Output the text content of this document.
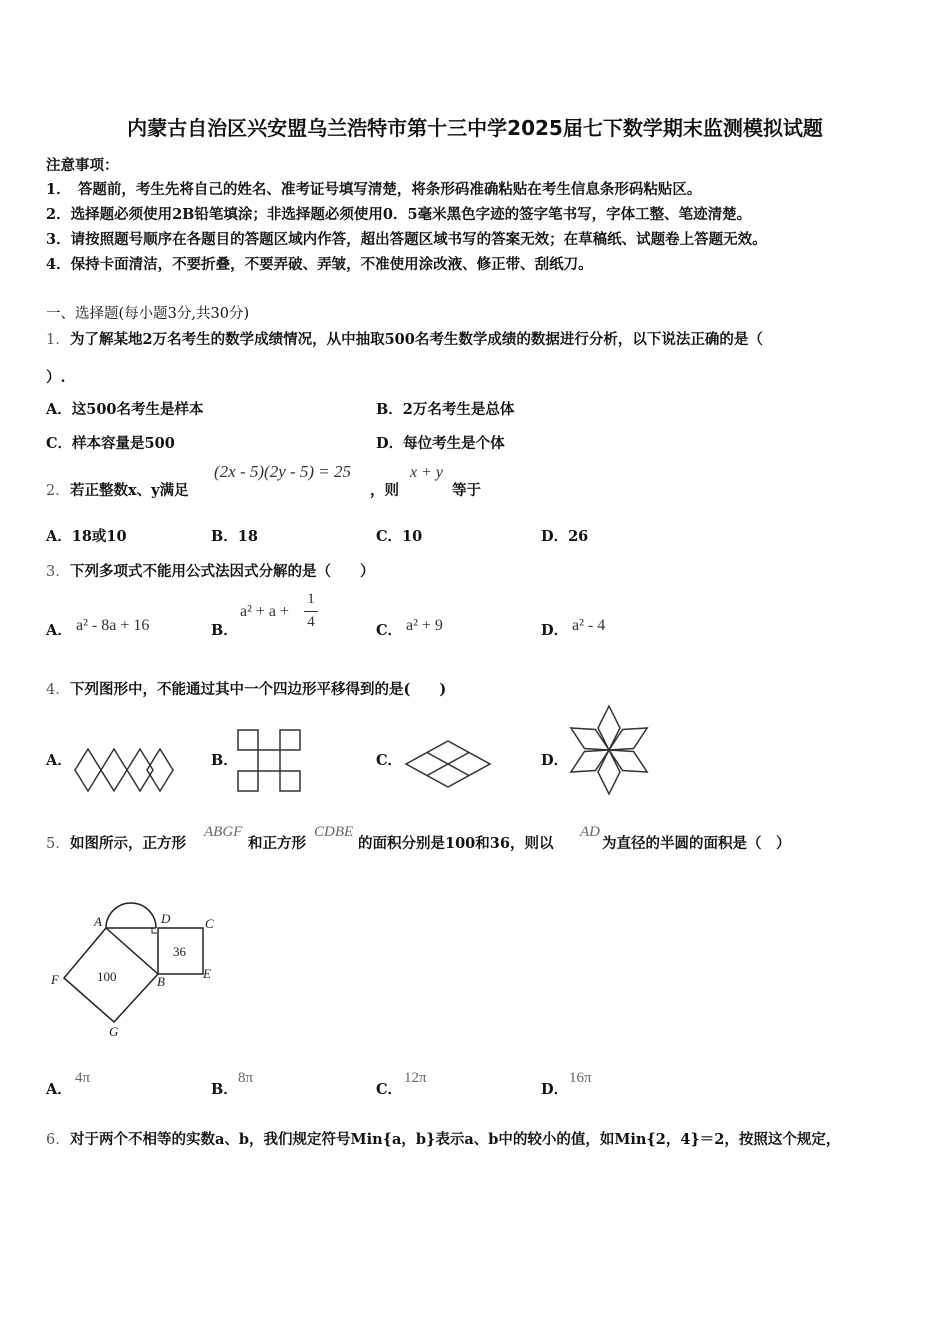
内蒙古自治区兴安盟乌兰浩特市第十三中学2025届七下数学期末监测模拟试题
注意事项：
1．　答题前，考生先将自己的姓名、准考证号填写清楚，将条形码准确粘贴在考生信息条形码粘贴区。
2．选择题必须使用2B铅笔填涂；非选择题必须使用0．5毫米黑色字迹的签字笔书写，字体工整、笔迹清楚。
3．请按照题号顺序在各题目的答题区域内作答，超出答题区域书写的答案无效；在草稿纸、试题卷上答题无效。
4．保持卡面清洁，不要折叠，不要弄破、弄皱，不准使用涂改液、修正带、刮纸刀。
一、选择题(每小题3分,共30分)
1． 为了解某地2万名考生的数学成绩情况，从中抽取500名考生数学成绩的数据进行分析，以下说法正确的是（
）.
A．这500名考生是样本	B．2万名考生是总体
C．样本容量是500	D．每位考生是个体
2． 若正整数x、y满足
(2x - 5)(2y - 5) = 25
，则
x + y
等于
A．18或10	B．18	C．10	D．26
3． 下列多项式不能用公式法因式分解的是（　　）
A． a² - 8a + 16	B．
a² + a +
1
4	C． a² + 9	D． a² - 4
4． 下列图形中，不能通过其中一个四边形平移得到的是(　　)
A．	B．	C．	D．
5． 如图所示，正方形
ABGF
和正方形
CDBE
的面积分别是100和36，则以
AD
为直径的半圆的面积是（　）
A	D	C
F	B
E
G
100
36
A．
4π
B．
8π
C．
12π
D．
16π
6． 对于两个不相等的实数a、b，我们规定符号Min{a，b}表示a、b中的较小的值，如Min{2，4}＝2，按照这个规定，
